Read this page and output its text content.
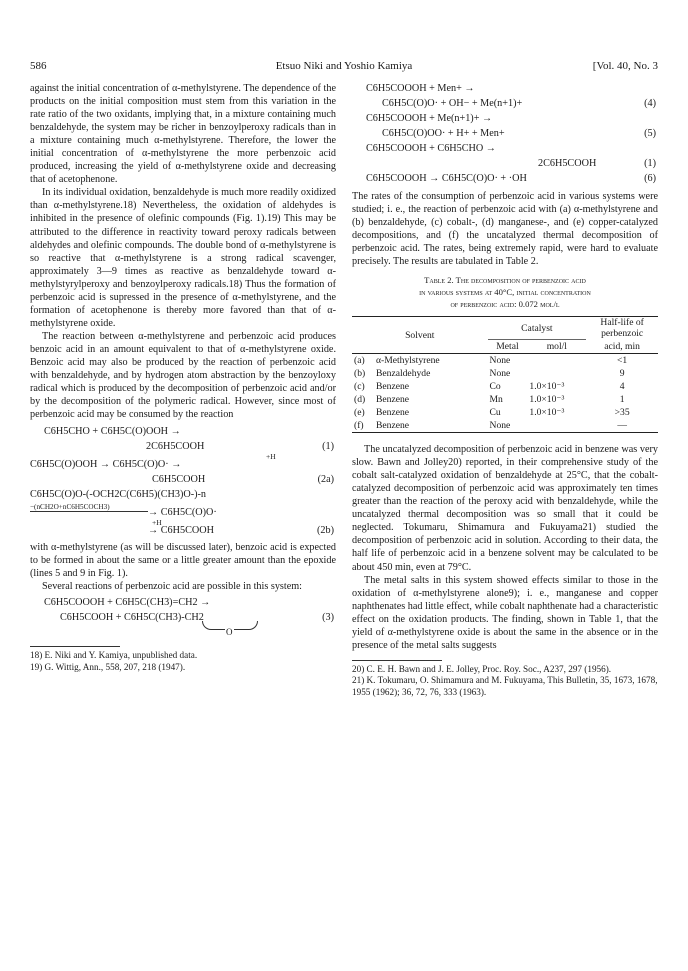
586	Etsuo Niki and Yoshio Kamiya	[Vol. 40, No. 3

against the initial concentration of α-methylstyrene. The dependence of the products on the initial composition must stem from this variation in the rate ratio of the two oxidants, implying that, in a mixture containing much benzaldehyde, the system may be richer in benzoylperoxy radicals than in a mixture containing much α-methylstyrene. Therefore, the lower the initial concentration of α-methylstyrene the more perbenzoic acid produced, increasing the yield of α-methylstyrene oxide and decreasing that of acetophenone.

In its individual oxidation, benzaldehyde is much more readily oxidized than α-methylstyrene.18) Nevertheless, the oxidation of aldehydes is inhibited in the presence of olefinic compounds (Fig. 1).19) This may be attributed to the difference in reactivity toward peroxy radicals between aldehydes and olefinic compounds. The double bond of α-methylstyrene is so reactive that α-methylstyrene is a strong radical scavenger, approximately 3—9 times as reactive as benzaldehyde toward α-methylstyrylperoxy and benzoylperoxy radicals.18) Thus the formation of perbenzoic acid is supressed in the presence of α-methylstyrene, and the formation of acetophenone is thereby more favored than that of α-methylstyrene oxide.

The reaction between α-methylstyrene and perbenzoic acid produces benzoic acid in an amount equivalent to that of α-methylstyrene oxide. Benzoic acid may also be produced by the reaction of perbenzoic acid with benzaldehyde, and by hydrogen atom abstraction by the benzoyloxy radical which is produced by the decomposition of perbenzoic acid and/or by the decomposition of the polymeric radical. However, since most of perbenzoic acid may be consumed by the reaction

C6H5CHO + C6H5C(O)OOH →
2C6H5COOH	(1)
+H
C6H5C(O)OOH → C6H5C(O)O· →
C6H5COOH	(2a)
C6H5C(O)O-(-OCH2C(C6H5)(CH3)O-)-n
−(nCH2O+nC6H5COCH3)	→ C6H5C(O)O·
+H
→ C6H5COOH	(2b)

with α-methylstyrene (as will be discussed later), benzoic acid is expected to be formed in about the same or a little greater amount than the epoxide (lines 5 and 9 in Fig. 1).

Several reactions of perbenzoic acid are possible in this system:

C6H5COOOH + C6H5C(CH3)=CH2 →
C6H5COOH + C6H5C(CH3)-CH2	(3)
O
18) E. Niki and Y. Kamiya, unpublished data.
19) G. Wittig, Ann., 558, 207, 218 (1947).
C6H5COOOH + Men+ →
C6H5C(O)O· + OH− + Me(n+1)+	(4)
C6H5COOOH + Me(n+1)+ →
C6H5C(O)OO· + H+ + Men+	(5)
C6H5COOOH + C6H5CHO →
2C6H5COOH	(1)
C6H5COOOH → C6H5C(O)O· + ·OH	(6)

The rates of the consumption of perbenzoic acid in various systems were studied; i. e., the reaction of perbenzoic acid with (a) α-methylstyrene and (b) benzaldehyde, (c) cobalt-, (d) manganese-, and (e) copper-catalyzed decompositions, and (f) the uncatalyzed thermal decomposition of perbenzoic acid. The rates, being extremely rapid, were hard to evaluate precisely. The results are tabulated in Table 2.

Table 2. The decomposition of perbenzoic acid
in various systems at 40°C, initial concentration
of perbenzoic acid: 0.072 mol/l
Solvent	Catalyst		Half-life of
perbenzoic

	Metal	mol/l	acid, min
(a) α-Methylstyrene	None		<1
(b) Benzaldehyde	None		9
(c) Benzene	Co	1.0×10⁻³	4
(d) Benzene	Mn	1.0×10⁻³	1
(e) Benzene	Cu	1.0×10⁻³	>35
(f) Benzene	None		—

The uncatalyzed decomposition of perbenzoic acid in benzene was very slow. Bawn and Jolley20) reported, in their comprehensive study of the cobalt salt-catalyzed oxidation of benzaldehyde at 25°C, that the cobalt-catalyzed decomposition of perbenzoic acid was approximately ten times greater than the reaction of the peroxy acid with benzaldehyde, while the uncatalyzed thermal decomposition was so small that it could be neglected. Tokumaru, Shimamura and Fukuyama21) studied the decomposition of perbenzoic acid in solution. According to their data, the half life of perbenzoic acid in a benzene solvent may be calculated to be about 450 min, even at 79°C.

The metal salts in this system showed effects similar to those in the oxidation of α-methylstyrene alone9); i. e., manganese and copper naphthenates had little effect, while cobalt naphthenate had a characteristic effect on the oxidation products. The finding, shown in Table 1, that the yield of α-methylstyrene oxide is about the same in the absence or in the presence of the metal salts suggests

20) C. E. H. Bawn and J. E. Jolley, Proc. Roy. Soc., A237, 297 (1956).
21) K. Tokumaru, O. Shimamura and M. Fukuyama, This Bulletin, 35, 1673, 1678, 1955 (1962); 36, 72, 76, 333 (1963).
